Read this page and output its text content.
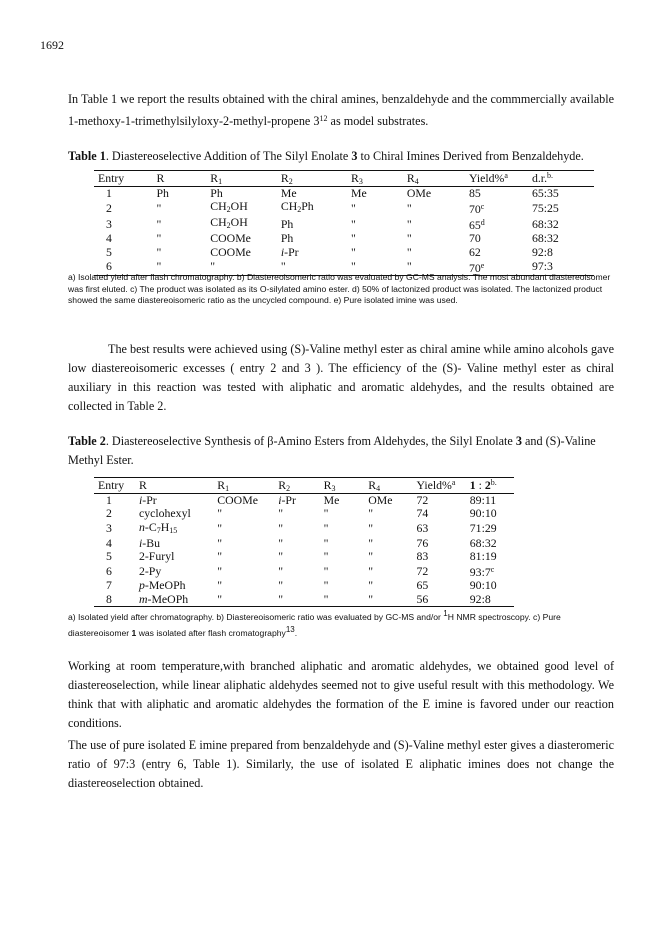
1692

In Table 1 we report the results obtained with the chiral amines, benzaldehyde and the commmercially available 1-methoxy-1-trimethylsilyloxy-2-methyl-propene $3^{12}$ as model substrates.

Table 1. Diastereoselective Addition of The Silyl Enolate 3 to Chiral Imines Derived from Benzaldehyde.

Entry	R	$R_1$	$R_2$	$R_3$	$R_4$	Yield%$^a$	d.r.$^{b.}$
1	Ph	Ph	Me	Me	OMe	85	65:35
2	"	$CH_2OH$	$CH_2Ph$	"	"	70$^c$	75:25
3	"	$CH_2OH$	Ph	"	"	65$^d$	68:32
4	"	COOMe	Ph	"	"	70	68:32
5	"	COOMe	i-Pr	"	"	62	92:8
6	"	"	"	"	"	70e	97:3

a) Isolated yield after flash chromatography. b) Diastereoisomeric ratio was evaluated by GC-MS analysis. The most abundant diastereoisomer was first eluted. c) The product was isolated as its O-silylated amino ester. d) 50% of lactonized product was isolated. The lactonized product showed the same diastereoisomeric ratio as the uncycled compound. e) Pure isolated imine was used.

The best results were achieved using (S)-Valine methyl ester as chiral amine while amino alcohols gave low diastereoisomeric excesses ( entry 2 and 3 ). The efficiency of the (S)- Valine methyl ester as chiral auxiliary in this reaction was tested with aliphatic and aromatic aldehydes, and the results obtained are collected in Table 2.

Table 2. Diastereoselective Synthesis of β-Amino Esters from Aldehydes, the Silyl Enolate 3 and (S)-Valine Methyl Ester.

Entry	R	$R_1$	$R_2$	$R_3$	$R_4$	Yield%$^a$	1 : $2^{b.}$
1	i-Pr	COOMe	i-Pr	Me	OMe	72	89:11
2	cyclohexyl	"	"	"	"	74	90:10
3	$n-C_7H_{15}$	"	"	"	"	63	71:29
4	i-Bu	"	"	"	"	76	68:32
5	2-Furyl	"	"	"	"	83	81:19
6	2-Py	"	"	"	"	72	93:7$^c$
7	p-MeOPh	"	"	"	"	65	90:10
8	m-MeOPh	"	"	"	"	56	92:8

a) Isolated yield after chromatography. b) Diastereoisomeric ratio was evaluated by GC-MS and/or $^1$H NMR spectroscopy. c) Pure diastereoisomer 1 was isolated after flash cromatography$^{13}$.

Working at room temperature,with branched aliphatic and aromatic aldehydes, we obtained good level of diastereoselection, while linear aliphatic aldehydes seemed not to give useful result with this methodology. We think that with aliphatic and aromatic aldehydes the formation of the E imine is favored under our reaction conditions.

The use of pure isolated E imine prepared from benzaldehyde and (S)-Valine methyl ester gives a diasteromeric ratio of 97:3 (entry 6, Table 1). Similarly, the use of isolated E aliphatic imines does not change the diastereoselection obtained.
